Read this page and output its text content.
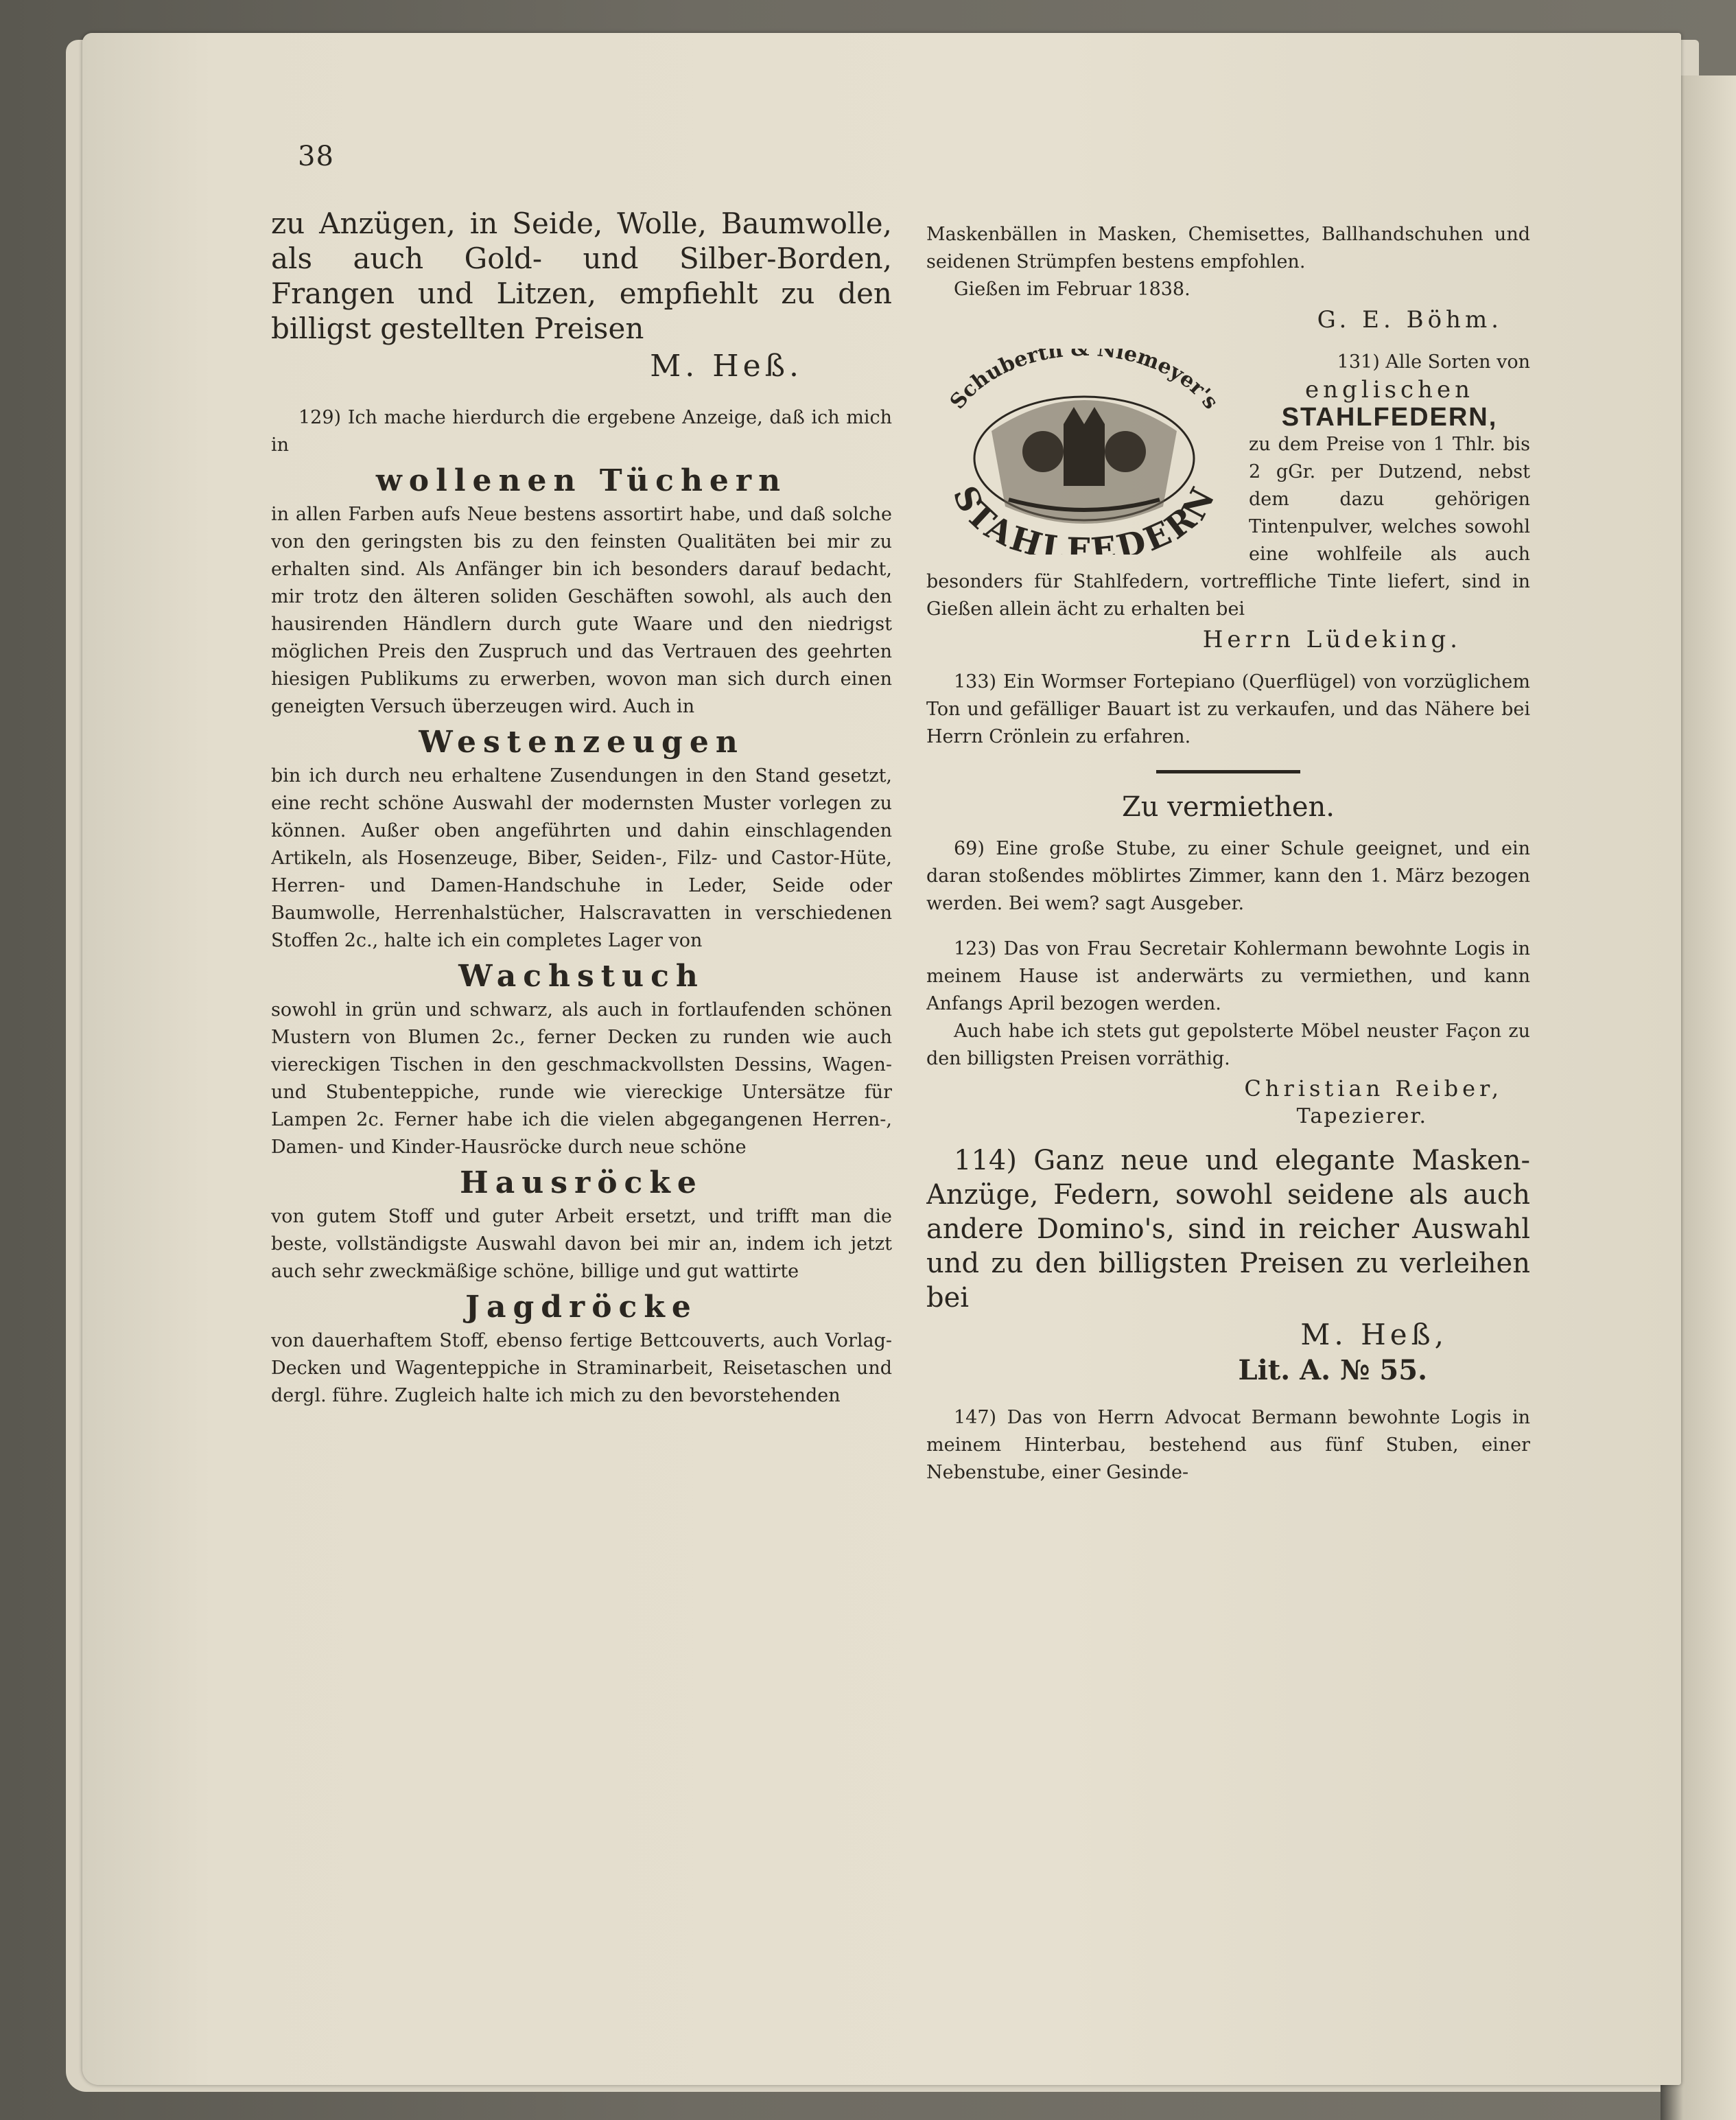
38

zu Anzügen, in Seide, Wolle, Baumwolle, als auch Gold- und Silber-Borden, Frangen und Litzen, empfiehlt zu den billigst gestellten Preisen

M. Heß.

129) Ich mache hierdurch die ergebene Anzeige, daß ich mich in

wollenen Tüchern

in allen Farben aufs Neue bestens assortirt habe, und daß solche von den geringsten bis zu den feinsten Qualitäten bei mir zu erhalten sind. Als Anfänger bin ich besonders darauf bedacht, mir trotz den älteren soliden Geschäften sowohl, als auch den hausirenden Händlern durch gute Waare und den niedrigst möglichen Preis den Zuspruch und das Vertrauen des geehrten hiesigen Publikums zu erwerben, wovon man sich durch einen geneigten Versuch überzeugen wird. Auch in

Westenzeugen

bin ich durch neu erhaltene Zusendungen in den Stand gesetzt, eine recht schöne Auswahl der modernsten Muster vorlegen zu können. Außer oben angeführten und dahin einschlagenden Artikeln, als Hosenzeuge, Biber, Seiden-, Filz- und Castor-Hüte, Herren- und Damen-Handschuhe in Leder, Seide oder Baumwolle, Herrenhalstücher, Halscravatten in verschiedenen Stoffen 2c., halte ich ein completes Lager von

Wachstuch

sowohl in grün und schwarz, als auch in fortlaufenden schönen Mustern von Blumen 2c., ferner Decken zu runden wie auch viereckigen Tischen in den geschmackvollsten Dessins, Wagen- und Stubenteppiche, runde wie viereckige Untersätze für Lampen 2c. Ferner habe ich die vielen abgegangenen Herren-, Damen- und Kinder-Hausröcke durch neue schöne

Hausröcke

von gutem Stoff und guter Arbeit ersetzt, und trifft man die beste, vollständigste Auswahl davon bei mir an, indem ich jetzt auch sehr zweckmäßige schöne, billige und gut wattirte

Jagdröcke

von dauerhaftem Stoff, ebenso fertige Bettcouverts, auch Vorlag-Decken und Wagenteppiche in Straminarbeit, Reisetaschen und dergl. führe. Zugleich halte ich mich zu den bevorstehenden

Maskenbällen in Masken, Chemisettes, Ballhandschuhen und seidenen Strümpfen bestens empfohlen.

Gießen im Februar 1838.

G. E. Böhm.
Schuberth & Niemeyer's
STAHLFEDERN

131) Alle Sorten von

englischen

STAHLFEDERN,

zu dem Preise von 1 Thlr. bis 2 gGr. per Dutzend, nebst dem dazu gehörigen Tintenpulver, welches sowohl eine wohlfeile als auch besonders für Stahlfedern, vortreffliche Tinte liefert, sind in Gießen allein ächt zu erhalten bei

Herrn Lüdeking.

133) Ein Wormser Fortepiano (Querflügel) von vorzüglichem Ton und gefälliger Bauart ist zu verkaufen, und das Nähere bei Herrn Crönlein zu erfahren.

Zu vermiethen.

69) Eine große Stube, zu einer Schule geeignet, und ein daran stoßendes möblirtes Zimmer, kann den 1. März bezogen werden. Bei wem? sagt Ausgeber.

123) Das von Frau Secretair Kohlermann bewohnte Logis in meinem Hause ist anderwärts zu vermiethen, und kann Anfangs April bezogen werden.

Auch habe ich stets gut gepolsterte Möbel neuster Façon zu den billigsten Preisen vorräthig.

Christian Reiber,
Tapezierer.

114) Ganz neue und elegante Masken-Anzüge, Federn, sowohl seidene als auch andere Domino's, sind in reicher Auswahl und zu den billigsten Preisen zu verleihen bei

M. Heß,
Lit. A. № 55.

147) Das von Herrn Advocat Bermann bewohnte Logis in meinem Hinterbau, bestehend aus fünf Stuben, einer Nebenstube, einer Gesinde-
